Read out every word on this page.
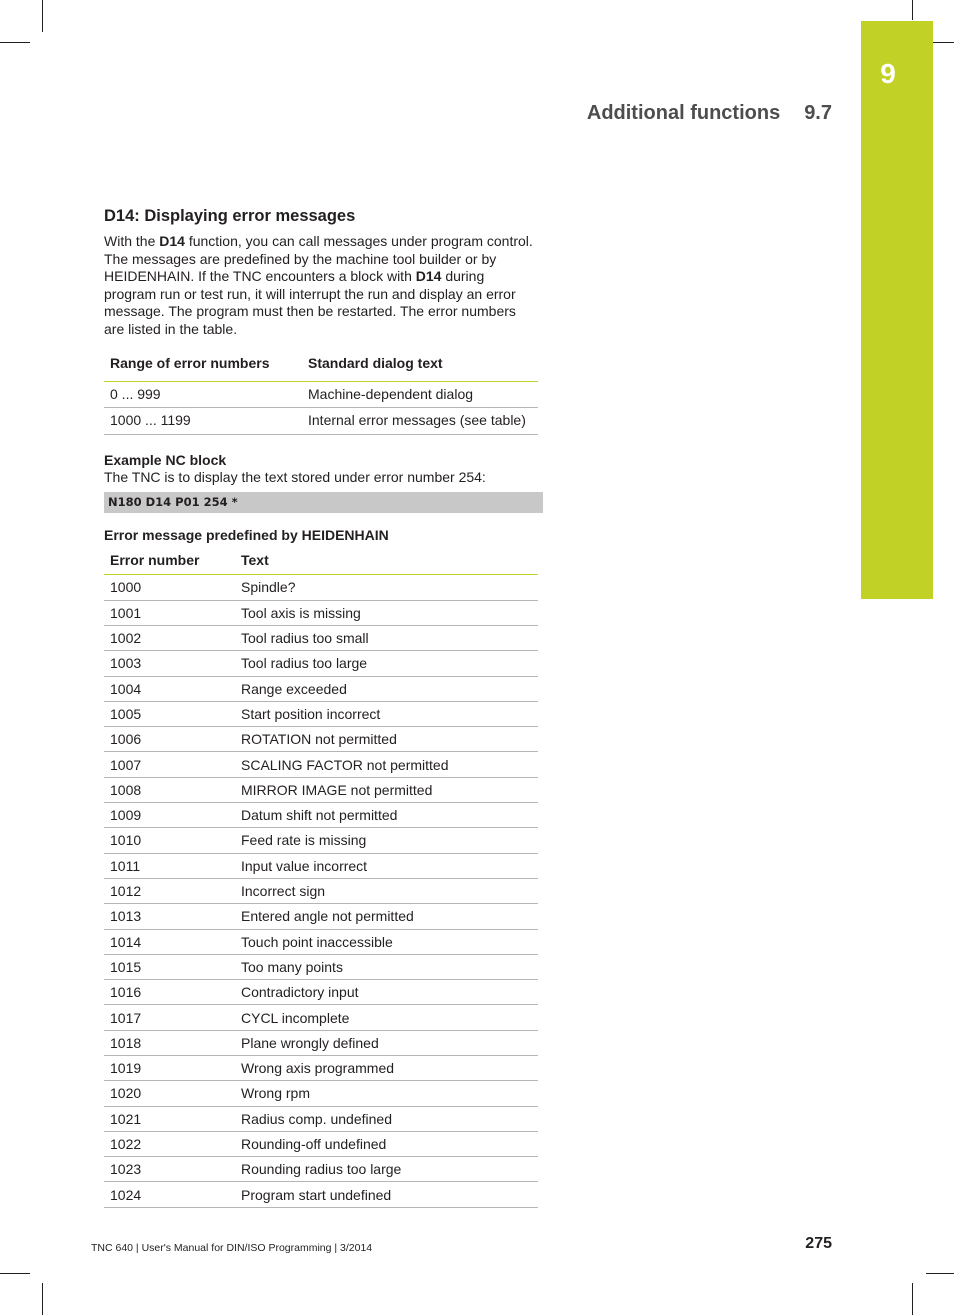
9
Additional functions 9.7
D14: Displaying error messages

With the D14 function, you can call messages under program control. The messages are predefined by the machine tool builder or by HEIDENHAIN. If the TNC encounters a block with D14 during program run or test run, it will interrupt the run and display an error message. The program must then be restarted. The error numbers are listed in the table.

Range of error numbers	Standard dialog text
0 ... 999	Machine-dependent dialog
1000 ... 1199	Internal error messages (see table)
Example NC block

The TNC is to display the text stored under error number 254:

N180 D14 P01 254 *
Error message predefined by HEIDENHAIN
Error number	Text
1000	Spindle?
1001	Tool axis is missing
1002	Tool radius too small
1003	Tool radius too large
1004	Range exceeded
1005	Start position incorrect
1006	ROTATION not permitted
1007	SCALING FACTOR not permitted
1008	MIRROR IMAGE not permitted
1009	Datum shift not permitted
1010	Feed rate is missing
1011	Input value incorrect
1012	Incorrect sign
1013	Entered angle not permitted
1014	Touch point inaccessible
1015	Too many points
1016	Contradictory input
1017	CYCL incomplete
1018	Plane wrongly defined
1019	Wrong axis programmed
1020	Wrong rpm
1021	Radius comp. undefined
1022	Rounding-off undefined
1023	Rounding radius too large
1024	Program start undefined
TNC 640 | User's Manual for DIN/ISO Programming | 3/2014	275
